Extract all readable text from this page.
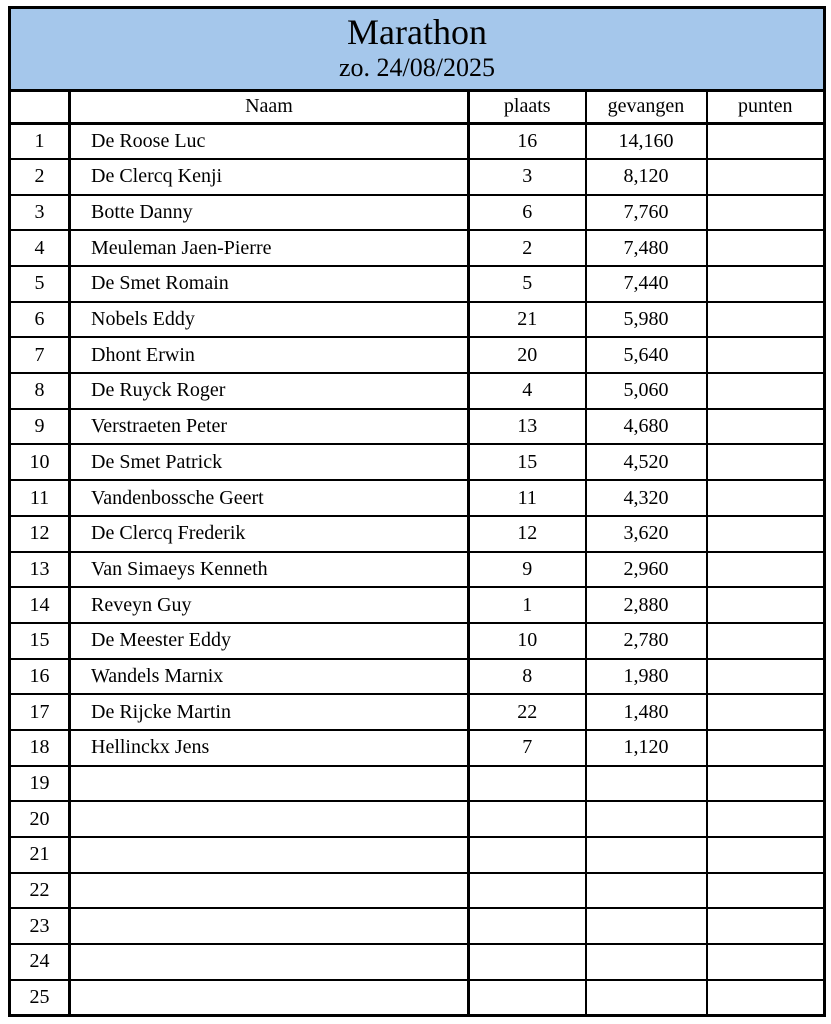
Marathon
zo. 24/08/2025				

	Naam	plaats	gevangen	punten
1	De Roose Luc	16	14,160	
2	De Clercq Kenji	3	8,120	
3	Botte Danny	6	7,760	
4	Meuleman Jaen-Pierre	2	7,480	
5	De Smet Romain	5	7,440	
6	Nobels Eddy	21	5,980	
7	Dhont Erwin	20	5,640	
8	De Ruyck Roger	4	5,060	
9	Verstraeten Peter	13	4,680	
10	De Smet Patrick	15	4,520	
11	Vandenbossche Geert	11	4,320	
12	De Clercq Frederik	12	3,620	
13	Van Simaeys Kenneth	9	2,960	
14	Reveyn Guy	1	2,880	
15	De Meester Eddy	10	2,780	
16	Wandels Marnix	8	1,980	
17	De Rijcke Martin	22	1,480	
18	Hellinckx Jens	7	1,120	
19				
20				
21				
22				
23				
24				
25				
